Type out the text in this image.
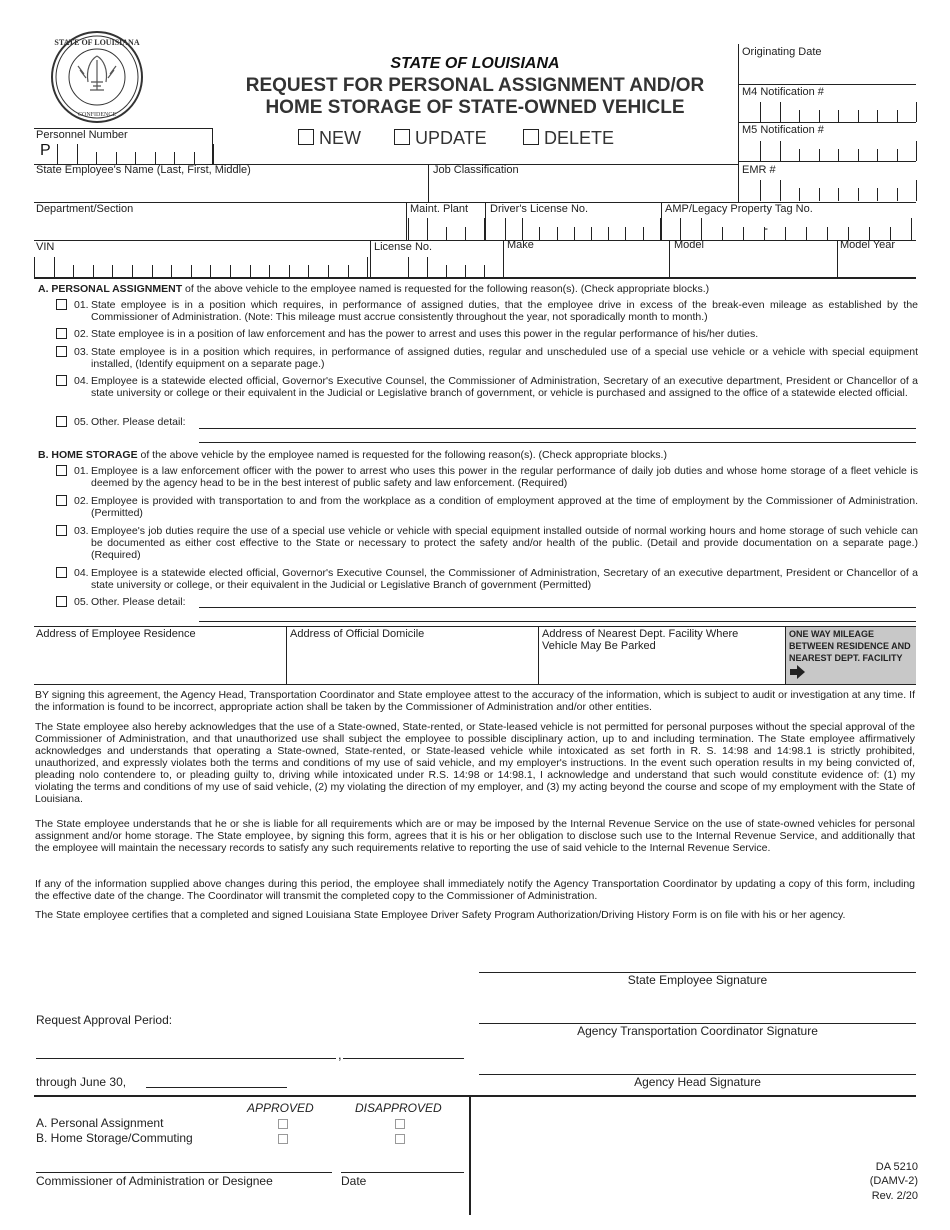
STATE OF LOUISIANA
CONFIDENCE
STATE OF LOUISIANA
REQUEST FOR PERSONAL ASSIGNMENT AND/OR
HOME STORAGE OF STATE-OWNED VEHICLE
NEW	UPDATE	DELETE
Originating Date
M4 Notification #
M5 Notification #
EMR #
Personnel Number
P
State Employee's Name (Last, First, Middle)	Job Classification
Department/Section	Maint. Plant Driver's License No.	AMP/Legacy Property Tag No.
-
VIN	License No.	Make	Model	Model Year
A. PERSONAL ASSIGNMENT of the above vehicle to the employee named is requested for the following reason(s). (Check appropriate blocks.)
01. State employee is in a position which requires, in performance of assigned duties, that the employee drive in excess of the break-even mileage as established by the Commissioner of Administration. (Note: This mileage must accrue consistently throughout the year, not sporadically month to month.)
02. State employee is in a position of law enforcement and has the power to arrest and uses this power in the regular performance of his/her duties.
03. State employee is in a position which requires, in performance of assigned duties, regular and unscheduled use of a special use vehicle or a vehicle with special equipment installed, (Identify equipment on a separate page.)
04. Employee is a statewide elected official, Governor's Executive Counsel, the Commissioner of Administration, Secretary of an executive department, President or Chancellor of a state university or college or their equivalent in the Judicial or Legislative branch of government, or vehicle is purchased and assigned to the office of a statewide elected official.
05. Other. Please detail:
B. HOME STORAGE of the above vehicle by the employee named is requested for the following reason(s). (Check appropriate blocks.)
01. Employee is a law enforcement officer with the power to arrest who uses this power in the regular performance of daily job duties and whose home storage of a fleet vehicle is deemed by the agency head to be in the best interest of public safety and law enforcement. (Required)
02. Employee is provided with transportation to and from the workplace as a condition of employment approved at the time of employment by the Commissioner of Administration. (Permitted)
03. Employee's job duties require the use of a special use vehicle or vehicle with special equipment installed outside of normal working hours and home storage of such vehicle can be documented as either cost effective to the State or necessary to protect the safety and/or health of the public. (Detail and provide documentation on a separate page.) (Required)
04. Employee is a statewide elected official, Governor's Executive Counsel, the Commissioner of Administration, Secretary of an executive department, President or Chancellor of a state university or college, or their equivalent in the Judicial or Legislative Branch of government (Permitted)
05. Other. Please detail:
Address of Employee Residence	Address of Official Domicile	Address of Nearest Dept. Facility Where Vehicle May Be Parked
ONE WAY MILEAGE BETWEEN RESIDENCE AND NEAREST DEPT. FACILITY
BY signing this agreement, the Agency Head, Transportation Coordinator and State employee attest to the accuracy of the information, which is subject to audit or investigation at any time. If the information is found to be incorrect, appropriate action shall be taken by the Commissioner of Administration and/or other entities.
The State employee also hereby acknowledges that the use of a State-owned, State-rented, or State-leased vehicle is not permitted for personal purposes without the special approval of the Commissioner of Administration, and that unauthorized use shall subject the employee to possible disciplinary action, up to and including termination. The State employee affirmatively acknowledges and understands that operating a State-owned, State-rented, or State-leased vehicle while intoxicated as set forth in R. S. 14:98 and 14:98.1 is strictly prohibited, unauthorized, and expressly violates both the terms and conditions of my use of said vehicle, and my employer's instructions. In the event such operation results in my being convicted of, pleading nolo contendere to, or pleading guilty to, driving while intoxicated under R.S. 14:98 or 14:98.1, I acknowledge and understand that such would constitute evidence of: (1) my violating the terms and conditions of my use of said vehicle, (2) my violating the direction of my employer, and (3) my acting beyond the course and scope of my employment with the State of Louisiana.
The State employee understands that he or she is liable for all requirements which are or may be imposed by the Internal Revenue Service on the use of state-owned vehicles for personal assignment and/or home storage. The State employee, by signing this form, agrees that it is his or her obligation to disclose such use to the Internal Revenue Service, and additionally that the employee will maintain the necessary records to satisfy any such requirements relative to reporting the use of said vehicle to the Internal Revenue Service.
If any of the information supplied above changes during this period, the employee shall immediately notify the Agency Transportation Coordinator by updating a copy of this form, including the effective date of the change. The Coordinator will transmit the completed copy to the Commissioner of Administration.
The State employee certifies that a completed and signed Louisiana State Employee Driver Safety Program Authorization/Driving History Form is on file with his or her agency.
State Employee Signature
Agency Transportation Coordinator Signature
Agency Head Signature
Request Approval Period:
,
through June 30,
APPROVED	DISAPPROVED
A. Personal Assignment
B. Home Storage/Commuting
Commissioner of Administration or Designee	Date
DA 5210
(DAMV-2)
Rev. 2/20
